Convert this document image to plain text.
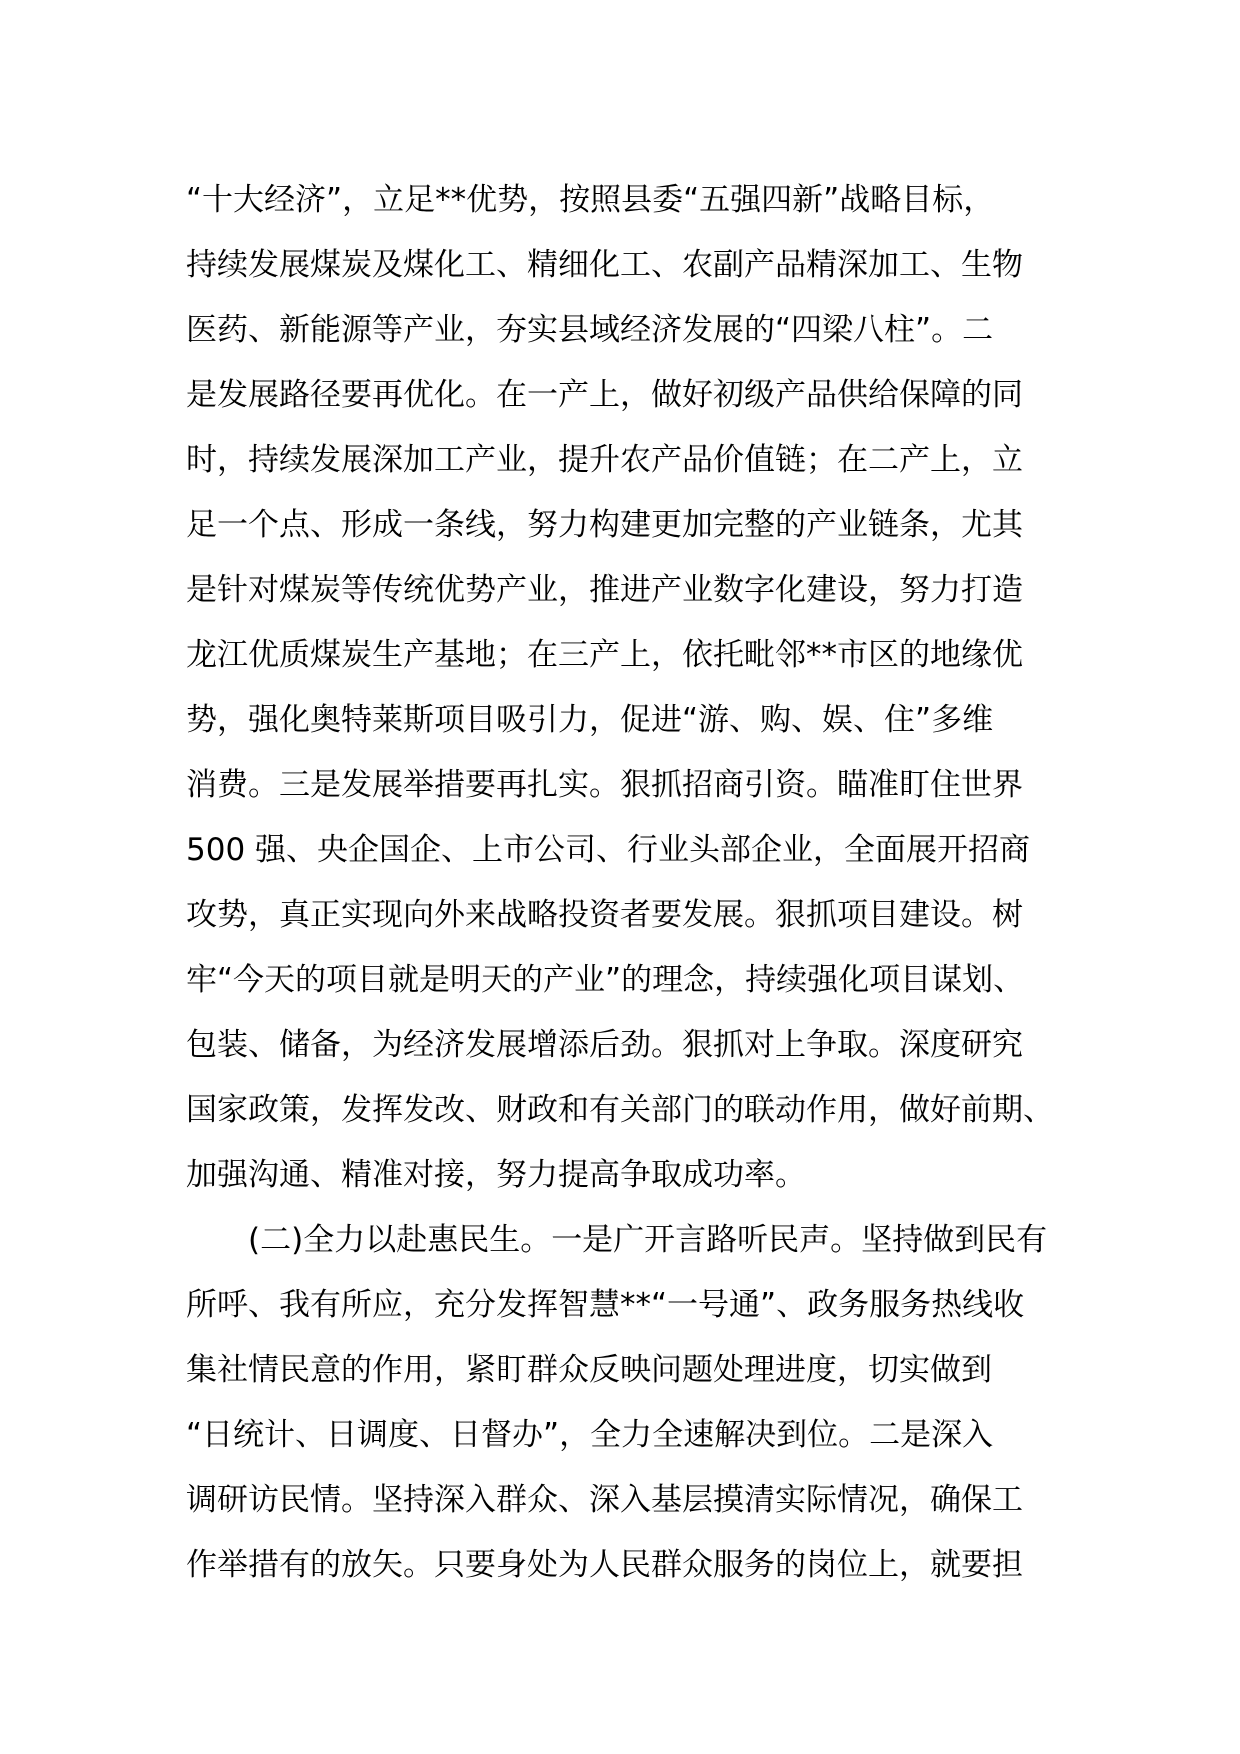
“十大经济”，立足**优势，按照县委“五强四新”战略目标，
持续发展煤炭及煤化工、精细化工、农副产品精深加工、生物
医药、新能源等产业，夯实县域经济发展的“四梁八柱”。二
是发展路径要再优化。在一产上，做好初级产品供给保障的同
时，持续发展深加工产业，提升农产品价值链；在二产上，立
足一个点、形成一条线，努力构建更加完整的产业链条，尤其
是针对煤炭等传统优势产业，推进产业数字化建设，努力打造
龙江优质煤炭生产基地；在三产上，依托毗邻**市区的地缘优
势，强化奥特莱斯项目吸引力，促进“游、购、娱、住”多维
消费。三是发展举措要再扎实。狠抓招商引资。瞄准盯住世界
500 强、央企国企、上市公司、行业头部企业，全面展开招商
攻势，真正实现向外来战略投资者要发展。狠抓项目建设。树
牢“今天的项目就是明天的产业”的理念，持续强化项目谋划、
包装、储备，为经济发展增添后劲。狠抓对上争取。深度研究
国家政策，发挥发改、财政和有关部门的联动作用，做好前期、
加强沟通、精准对接，努力提高争取成功率。
(二)全力以赴惠民生。一是广开言路听民声。坚持做到民有
所呼、我有所应，充分发挥智慧**“一号通”、政务服务热线收
集社情民意的作用，紧盯群众反映问题处理进度，切实做到
“日统计、日调度、日督办”，全力全速解决到位。二是深入
调研访民情。坚持深入群众、深入基层摸清实际情况，确保工
作举措有的放矢。只要身处为人民群众服务的岗位上，就要担
